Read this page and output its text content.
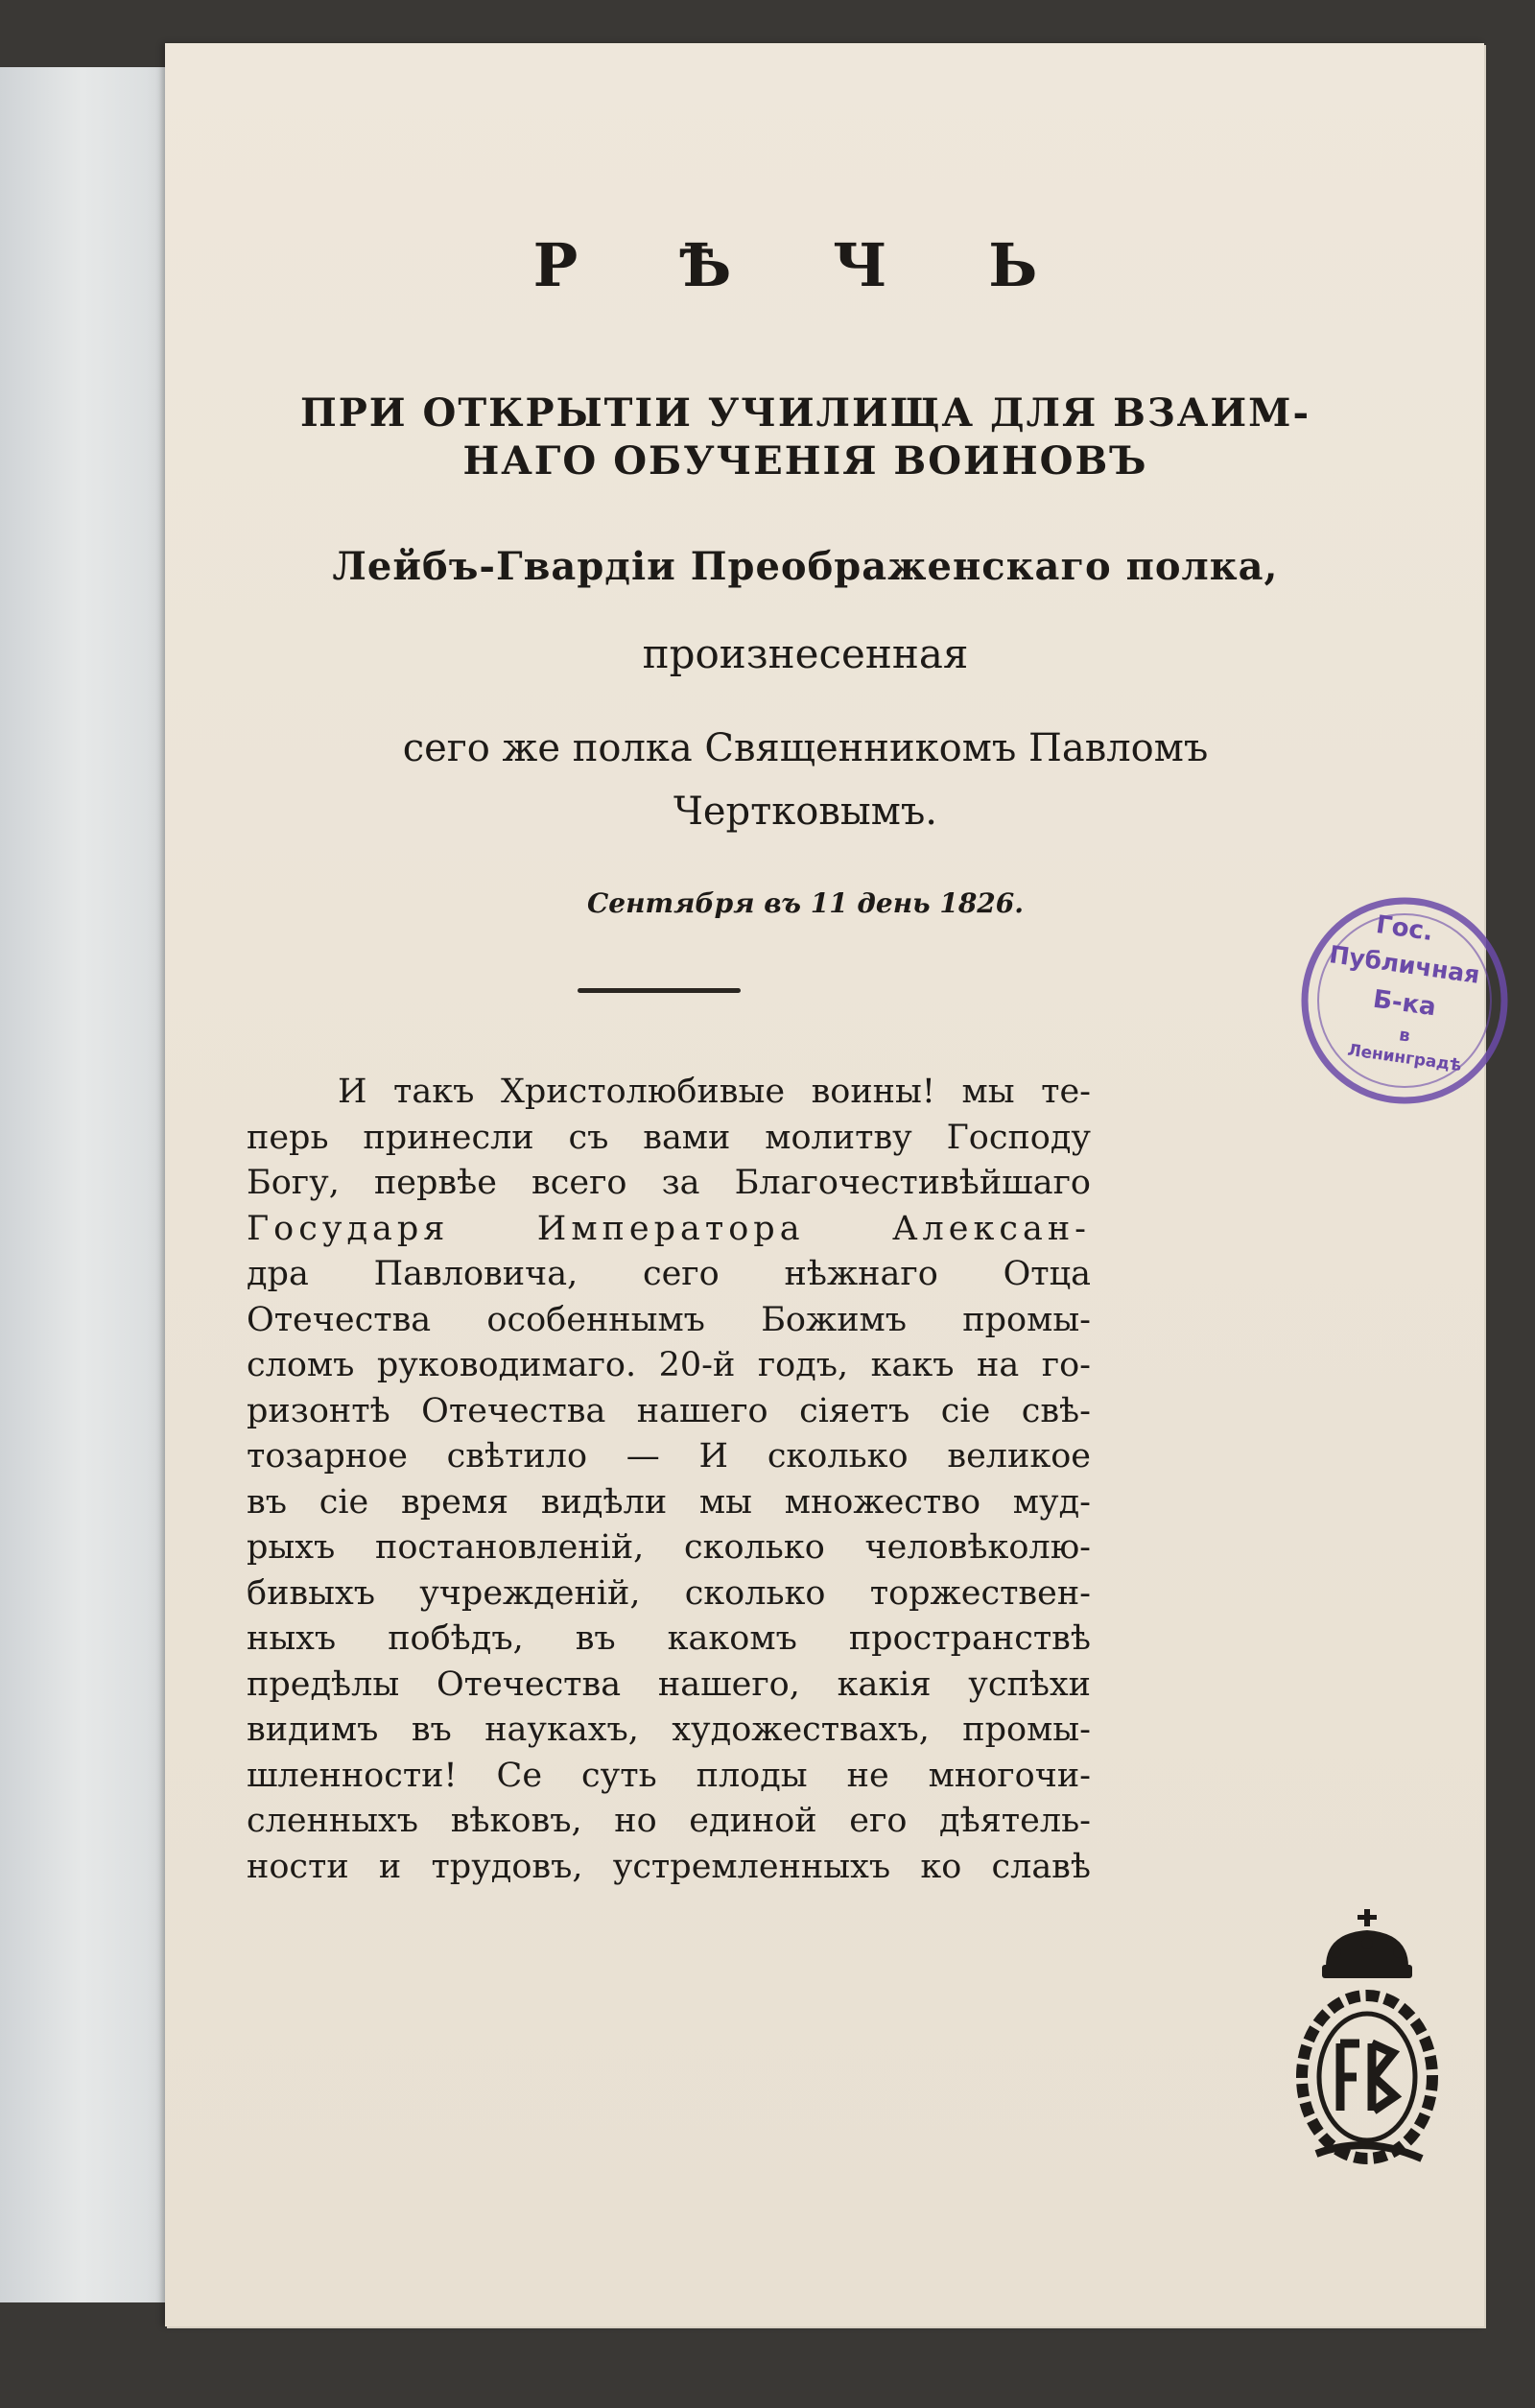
Р Ѣ Ч Ь
ПРИ ОТКРЫТІИ УЧИЛИЩА ДЛЯ ВЗАИМ-
НАГО ОБУЧЕНІЯ ВОИНОВЪ
Лейбъ-Гвардіи Преображенскаго полка,
произнесенная
сего же полка Священникомъ Павломъ
Чертковымъ.
Сентября въ 11 день 1826.
И такъ Христолюбивые воины! мы те-
перь принесли съ вами молитву Господу
Богу, первѣе всего за Благочестивѣйшаго
Государя Императора Алексан-
дра Павловича, сего нѣжнаго Отца
Отечества особеннымъ Божимъ промы-
сломъ руководимаго. 20-й годъ, какъ на го-
ризонтѣ Отечества нашего сіяетъ сіе свѣ-
тозарное свѣтило — И сколько великое
въ сіе время видѣли мы множество муд-
рыхъ постановленій, сколько человѣколю-
бивыхъ учрежденій, сколько торжествен-
ныхъ побѣдъ, въ какомъ пространствѣ
предѣлы Отечества нашего, какія успѣхи
видимъ въ наукахъ, художествахъ, промы-
шленности! Се суть плоды не многочи-
сленныхъ вѣковъ, но единой его дѣятель-
ности и трудовъ, устремленныхъ ко славѣ
Гос.
Публичная
Б-ка
в
Ленинградѣ
